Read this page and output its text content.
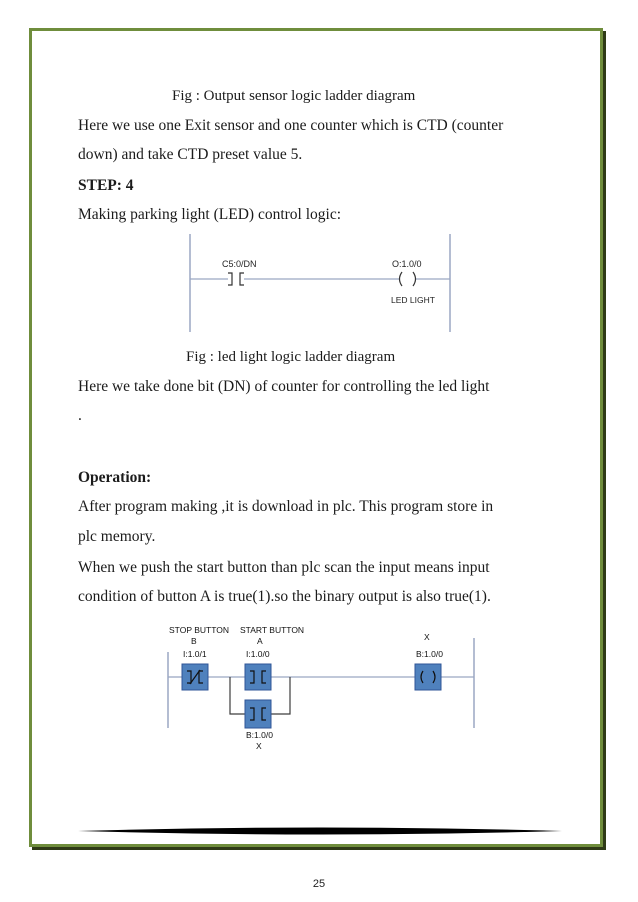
Fig : Output sensor logic ladder diagram
Here we use one Exit sensor and one counter which is CTD (counter
down) and take CTD preset value 5.
STEP: 4
Making parking light (LED) control logic:
C5:0/DN	O:1.0/0
LED LIGHT
Fig : led light logic ladder diagram
Here we take done bit (DN) of counter for controlling the led light
.
Operation:
After program making ,it is download in plc. This program store in
plc memory.
When we push the start button than plc scan the input means input
condition of button A is true(1).so the binary output is also true(1).
STOP BUTTON
B
I:1.0/1
START BUTTON
A
I:1.0/0
X
B:1.0/0
B:1.0/0
X
25
